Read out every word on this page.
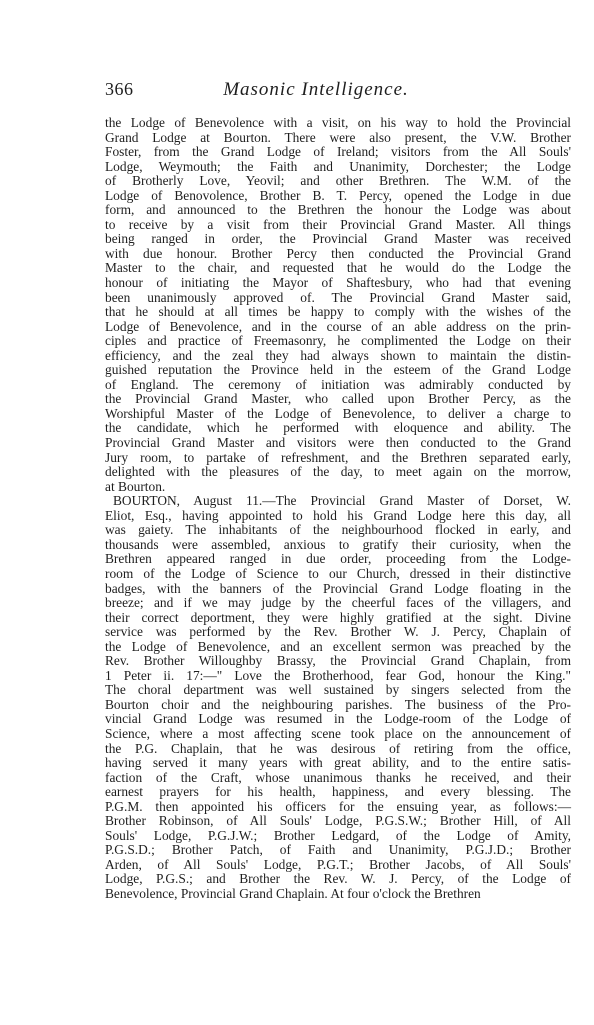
366	Masonic Intelligence.
the Lodge of Benevolence with a visit, on his way to hold the Provincial
Grand Lodge at Bourton. There were also present, the V.W. Brother
Foster, from the Grand Lodge of Ireland; visitors from the All Souls'
Lodge, Weymouth; the Faith and Unanimity, Dorchester; the Lodge
of Brotherly Love, Yeovil; and other Brethren. The W.M. of the
Lodge of Benovolence, Brother B. T. Percy, opened the Lodge in due
form, and announced to the Brethren the honour the Lodge was about
to receive by a visit from their Provincial Grand Master. All things
being ranged in order, the Provincial Grand Master was received
with due honour. Brother Percy then conducted the Provincial Grand
Master to the chair, and requested that he would do the Lodge the
honour of initiating the Mayor of Shaftesbury, who had that evening
been unanimously approved of. The Provincial Grand Master said,
that he should at all times be happy to comply with the wishes of the
Lodge of Benevolence, and in the course of an able address on the prin-
ciples and practice of Freemasonry, he complimented the Lodge on their
efficiency, and the zeal they had always shown to maintain the distin-
guished reputation the Province held in the esteem of the Grand Lodge
of England. The ceremony of initiation was admirably conducted by
the Provincial Grand Master, who called upon Brother Percy, as the
Worshipful Master of the Lodge of Benevolence, to deliver a charge to
the candidate, which he performed with eloquence and ability. The
Provincial Grand Master and visitors were then conducted to the Grand
Jury room, to partake of refreshment, and the Brethren separated early,
delighted with the pleasures of the day, to meet again on the morrow,
at Bourton.
BOURTON, August 11.—The Provincial Grand Master of Dorset, W.
Eliot, Esq., having appointed to hold his Grand Lodge here this day, all
was gaiety. The inhabitants of the neighbourhood flocked in early, and
thousands were assembled, anxious to gratify their curiosity, when the
Brethren appeared ranged in due order, proceeding from the Lodge-
room of the Lodge of Science to our Church, dressed in their distinctive
badges, with the banners of the Provincial Grand Lodge floating in the
breeze; and if we may judge by the cheerful faces of the villagers, and
their correct deportment, they were highly gratified at the sight. Divine
service was performed by the Rev. Brother W. J. Percy, Chaplain of
the Lodge of Benevolence, and an excellent sermon was preached by the
Rev. Brother Willoughby Brassy, the Provincial Grand Chaplain, from
1 Peter ii. 17:—" Love the Brotherhood, fear God, honour the King."
The choral department was well sustained by singers selected from the
Bourton choir and the neighbouring parishes. The business of the Pro-
vincial Grand Lodge was resumed in the Lodge-room of the Lodge of
Science, where a most affecting scene took place on the announcement of
the P.G. Chaplain, that he was desirous of retiring from the office,
having served it many years with great ability, and to the entire satis-
faction of the Craft, whose unanimous thanks he received, and their
earnest prayers for his health, happiness, and every blessing. The
P.G.M. then appointed his officers for the ensuing year, as follows:—
Brother Robinson, of All Souls' Lodge, P.G.S.W.; Brother Hill, of All
Souls' Lodge, P.G.J.W.; Brother Ledgard, of the Lodge of Amity,
P.G.S.D.; Brother Patch, of Faith and Unanimity, P.G.J.D.; Brother
Arden, of All Souls' Lodge, P.G.T.; Brother Jacobs, of All Souls'
Lodge, P.G.S.; and Brother the Rev. W. J. Percy, of the Lodge of
Benevolence, Provincial Grand Chaplain. At four o'clock the Brethren
